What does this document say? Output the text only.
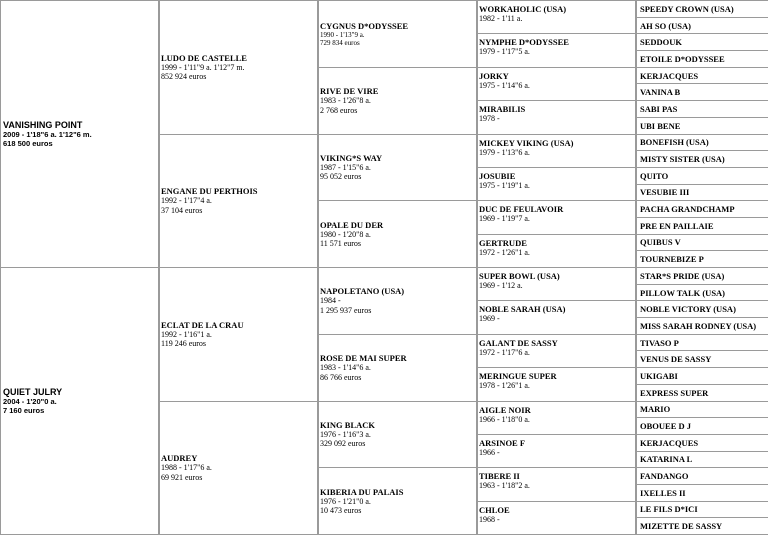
VANISHING POINT
2009 - 1'18"6 a. 1'12"6 m.
618 500 euros
QUIET JULRY
2004 - 1'20"0 a.
7 160 euros
LUDO DE CASTELLE
1999 - 1'11"9 a. 1'12"7 m.
852 924 euros
ENGANE DU PERTHOIS
1992 - 1'17"4 a.
37 104 euros
ECLAT DE LA CRAU
1992 - 1'16"1 a.
119 246 euros
AUDREY
1988 - 1'17"6 a.
69 921 euros
CYGNUS D*ODYSSEE
1990 - 1'13"9 a.
729 834 euros
RIVE DE VIRE
1983 - 1'26"8 a.
2 768 euros
VIKING*S WAY
1987 - 1'15"6 a.
95 052 euros
OPALE DU DER
1980 - 1'20"8 a.
11 571 euros
NAPOLETANO (USA)
1984 -
1 295 937 euros
ROSE DE MAI SUPER
1983 - 1'14"6 a.
86 766 euros
KING BLACK
1976 - 1'16"3 a.
329 092 euros
KIBERIA DU PALAIS
1976 - 1'21"0 a.
10 473 euros
WORKAHOLIC (USA)
1982 - 1'11 a.
NYMPHE D*ODYSSEE
1979 - 1'17"5 a.
JORKY
1975 - 1'14"6 a.
MIRABILIS
1978 -
MICKEY VIKING (USA)
1979 - 1'13"6 a.
JOSUBIE
1975 - 1'19"1 a.
DUC DE FEULAVOIR
1969 - 1'19"7 a.
GERTRUDE
1972 - 1'26"1 a.
SUPER BOWL (USA)
1969 - 1'12 a.
NOBLE SARAH (USA)
1969 -
GALANT DE SASSY
1972 - 1'17"6 a.
MERINGUE SUPER
1978 - 1'26"1 a.
AIGLE NOIR
1966 - 1'18"0 a.
ARSINOE F
1966 -
TIBERE II
1963 - 1'18"2 a.
CHLOE
1968 -
SPEEDY CROWN (USA)
AH SO (USA)
SEDDOUK
ETOILE D*ODYSSEE
KERJACQUES
VANINA B
SABI PAS
UBI BENE
BONEFISH (USA)
MISTY SISTER (USA)
QUITO
VESUBIE III
PACHA GRANDCHAMP
PRE EN PAILLAIE
QUIBUS V
TOURNEBIZE P
STAR*S PRIDE (USA)
PILLOW TALK (USA)
NOBLE VICTORY (USA)
MISS SARAH RODNEY (USA)
TIVASO P
VENUS DE SASSY
UKIGABI
EXPRESS SUPER
MARIO
OBOUEE D J
KERJACQUES
KATARINA L
FANDANGO
IXELLES II
LE FILS D*ICI
MIZETTE DE SASSY
